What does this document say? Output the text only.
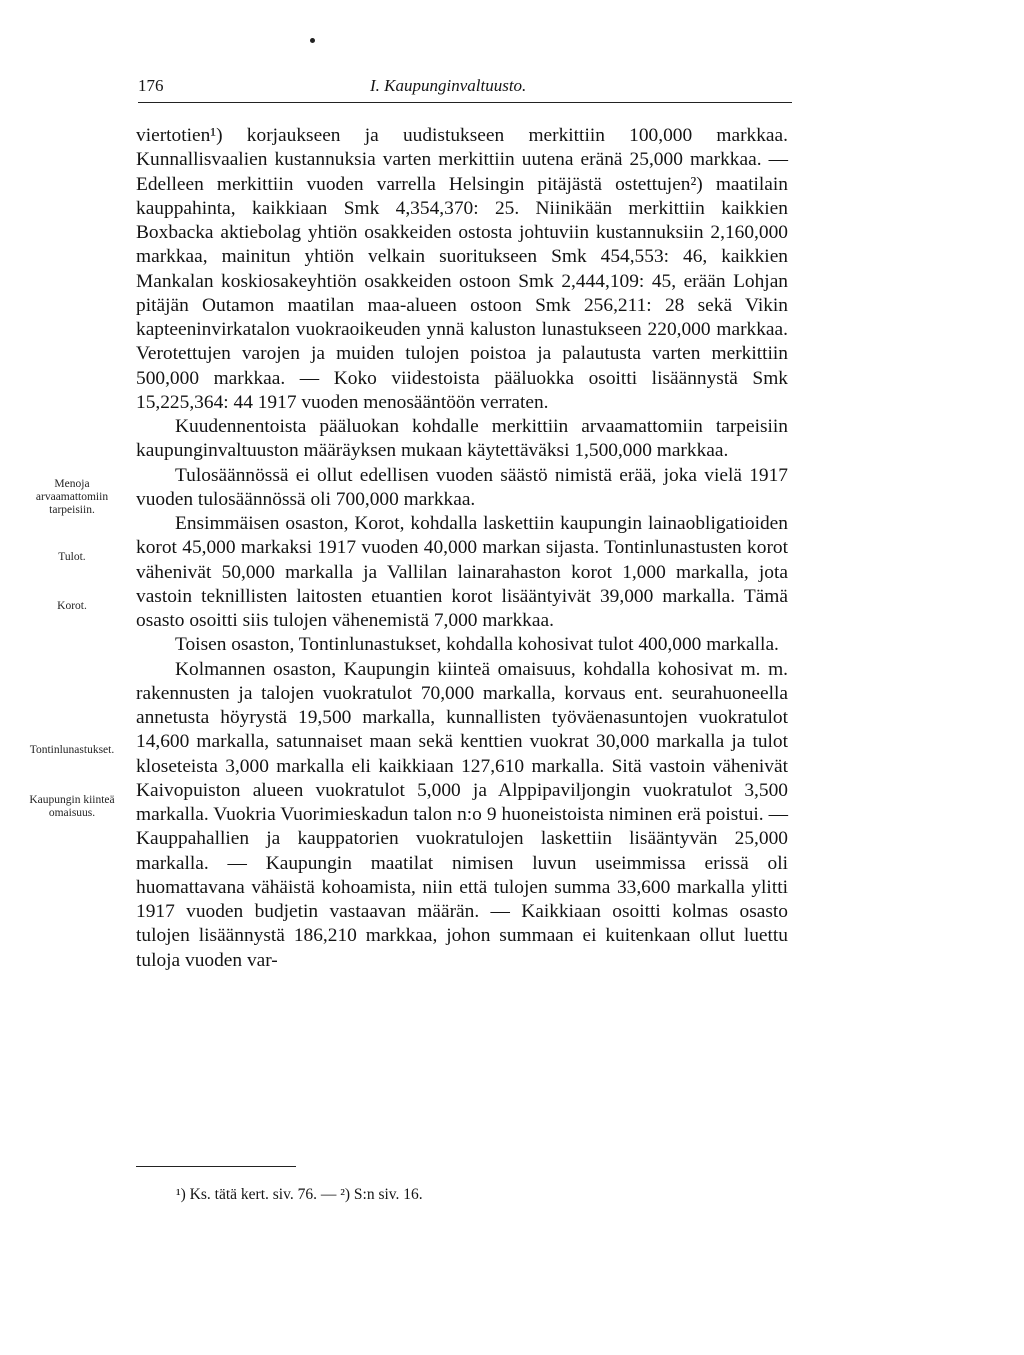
176	I. Kaupunginvaltuusto.

viertotien¹) korjaukseen ja uudistukseen merkittiin 100,000 markkaa. Kunnallisvaalien kustannuksia varten merkittiin uutena eränä 25,000 markkaa. — Edelleen merkittiin vuoden varrella Helsingin pitäjästä ostettujen²) maatilain kauppahinta, kaikkiaan Smk 4,354,370: 25. Niinikään merkittiin kaikkien Boxbacka aktiebolag yhtiön osakkeiden ostosta johtuviin kustannuksiin 2,160,000 markkaa, mainitun yhtiön velkain suoritukseen Smk 454,553: 46, kaikkien Mankalan koskiosakeyhtiön osakkeiden ostoon Smk 2,444,109: 45, erään Lohjan pitäjän Outamon maatilan maa-alueen ostoon Smk 256,211: 28 sekä Vikin kapteeninvirkatalon vuokraoikeuden ynnä kaluston lunastukseen 220,000 markkaa. Verotettujen varojen ja muiden tulojen poistoa ja palautusta varten merkittiin 500,000 markkaa. — Koko viidestoista pääluokka osoitti lisäännystä Smk 15,225,364: 44 1917 vuoden menosääntöön verraten.

Kuudennentoista pääluokan kohdalle merkittiin arvaamattomiin tarpeisiin kaupunginvaltuuston määräyksen mukaan käytettäväksi 1,500,000 markkaa.

Tulosäännössä ei ollut edellisen vuoden säästö nimistä erää, joka vielä 1917 vuoden tulosäännössä oli 700,000 markkaa.

Ensimmäisen osaston, Korot, kohdalla laskettiin kaupungin lainaobligatioiden korot 45,000 markaksi 1917 vuoden 40,000 markan sijasta. Tontinlunastusten korot vähenivät 50,000 markalla ja Vallilan lainarahaston korot 1,000 markalla, jota vastoin teknillisten laitosten etuantien korot lisääntyivät 39,000 markalla. Tämä osasto osoitti siis tulojen vähenemistä 7,000 markkaa.

Toisen osaston, Tontinlunastukset, kohdalla kohosivat tulot 400,000 markalla.

Kolmannen osaston, Kaupungin kiinteä omaisuus, kohdalla kohosivat m. m. rakennusten ja talojen vuokratulot 70,000 markalla, korvaus ent. seurahuoneella annetusta höyrystä 19,500 markalla, kunnallisten työväenasuntojen vuokratulot 14,600 markalla, satunnaiset maan sekä kenttien vuokrat 30,000 markalla ja tulot kloseteista 3,000 markalla eli kaikkiaan 127,610 markalla. Sitä vastoin vähenivät Kaivopuiston alueen vuokratulot 5,000 ja Alppipaviljongin vuokratulot 3,500 markalla. Vuokria Vuorimieskadun talon n:o 9 huoneistoista niminen erä poistui. — Kauppahallien ja kauppatorien vuokratulojen laskettiin lisääntyvän 25,000 markalla. — Kaupungin maatilat nimisen luvun useimmissa erissä oli huomattavana vähäistä kohoamista, niin että tulojen summa 33,600 markalla ylitti 1917 vuoden budjetin vastaavan määrän. — Kaikkiaan osoitti kolmas osasto tulojen lisäännystä 186,210 markkaa, johon summaan ei kuitenkaan ollut luettu tuloja vuoden var-

Menoja arvaamattomiin tarpeisiin.
Tulot.
Korot.
Tontinlunastukset.
Kaupungin kiinteä omaisuus.
¹) Ks. tätä kert. siv. 76. — ²) S:n siv. 16.
